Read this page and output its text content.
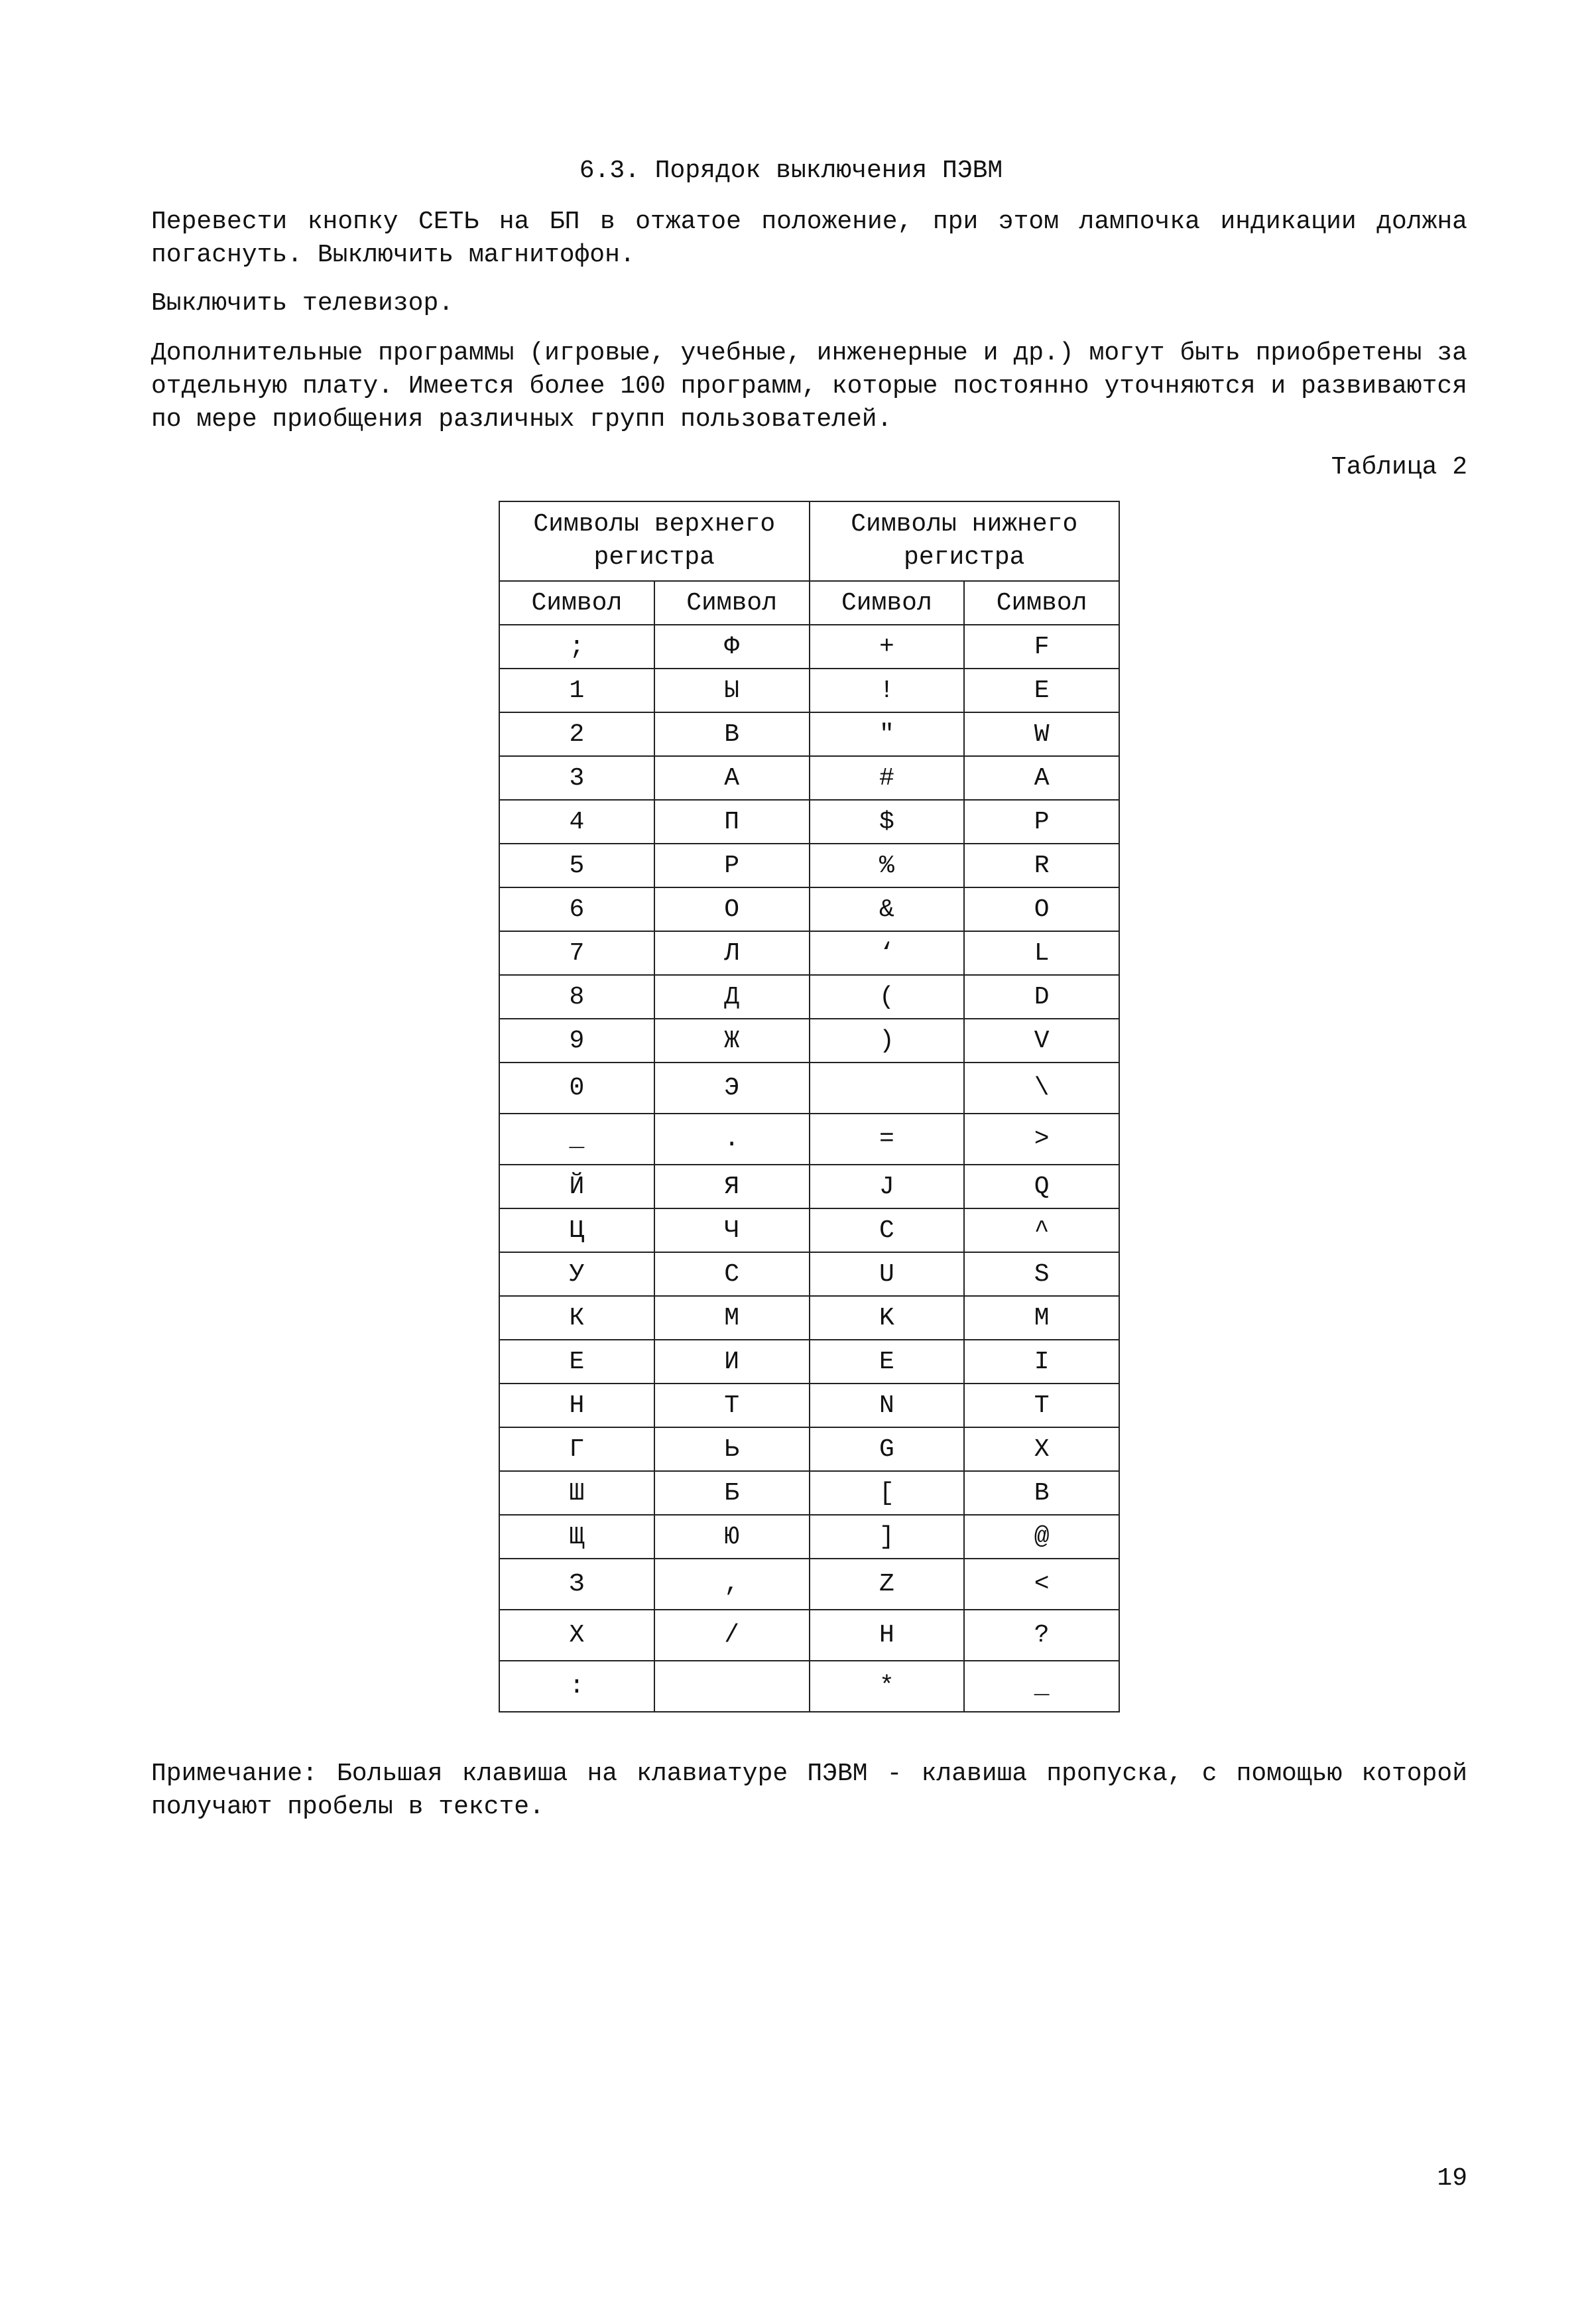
6.3. Порядок выключения ПЭВМ

Перевести кнопку СЕТЬ на БП в отжатое положение, при этом лампочка индикации должна погаснуть. Выключить магнитофон.

Выключить телевизор.

Дополнительные программы (игровые, учебные, инженерные и др.) могут быть приобретены за отдельную плату. Имеется более 100 программ, которые постоянно уточняются и развиваются по мере приобщения различных групп пользователей.

Таблица 2

Символы верхнего регистра		Символы нижнего регистра	
Символ	Символ	Символ	Символ
;	Ф	+	F
1	Ы	!	E
2	В	"	W
3	А	#	A
4	П	$	P
5	Р	%	R
6	О	&	O
7	Л	‘	L
8	Д	(	D
9	Ж	)	V
0	Э		\
_	.	=	>
Й	Я	J	Q
Ц	Ч	C	^
У	С	U	S
К	М	K	M
Е	И	E	I
Н	Т	N	T
Г	Ь	G	X
Ш	Б	[	B
Щ	Ю	]	@
З	,	Z	<
Х	/	H	?
:		*	_

Примечание: Большая клавиша на клавиатуре ПЭВМ - клавиша пропуска, с помощью которой получают пробелы в тексте.

19
